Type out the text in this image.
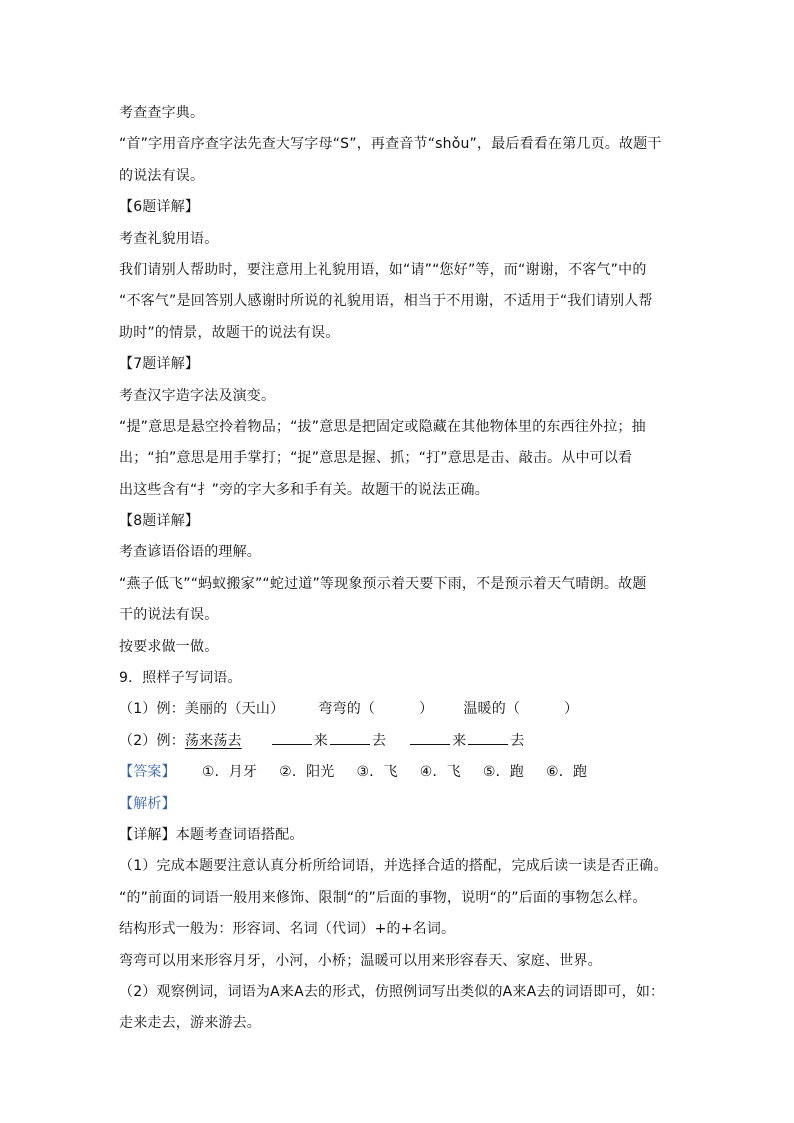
考查查字典。
“首”字用音序查字法先查大写字母“S”，再查音节“shǒu”，最后看看在第几页。故题干
的说法有误。
【6题详解】
考查礼貌用语。
我们请别人帮助时，要注意用上礼貌用语，如“请”“您好”等，而“谢谢，不客气”中的
“不客气”是回答别人感谢时所说的礼貌用语，相当于不用谢，不适用于“我们请别人帮
助时”的情景，故题干的说法有误。
【7题详解】
考查汉字造字法及演变。
“提”意思是悬空拎着物品；“拔”意思是把固定或隐藏在其他物体里的东西往外拉；抽
出；“拍”意思是用手掌打；“捉”意思是握、抓；“打”意思是击、敲击。从中可以看
出这些含有“扌”旁的字大多和手有关。故题干的说法正确。
【8题详解】
考查谚语俗语的理解。
“燕子低飞”“蚂蚁搬家”“蛇过道”等现象预示着天要下雨，不是预示着天气晴朗。故题
干的说法有误。
按要求做一做。
9．照样子写词语。
（1）例：美丽的（天山） 弯弯的（	） 温暖的（	）
（2）例：荡来荡去	来	去	来	去
【答案】 ①．月牙 ②．阳光 ③．飞 ④．飞 ⑤．跑 ⑥．跑
【解析】
【详解】本题考查词语搭配。
（1）完成本题要注意认真分析所给词语，并选择合适的搭配，完成后读一读是否正确。
“的”前面的词语一般用来修饰、限制“的”后面的事物，说明“的”后面的事物怎么样。
结构形式一般为：形容词、名词（代词）+的+名词。
弯弯可以用来形容月牙，小河，小桥；温暖可以用来形容春天、家庭、世界。
（2）观察例词，词语为A来A去的形式，仿照例词写出类似的A来A去的词语即可，如：
走来走去，游来游去。
